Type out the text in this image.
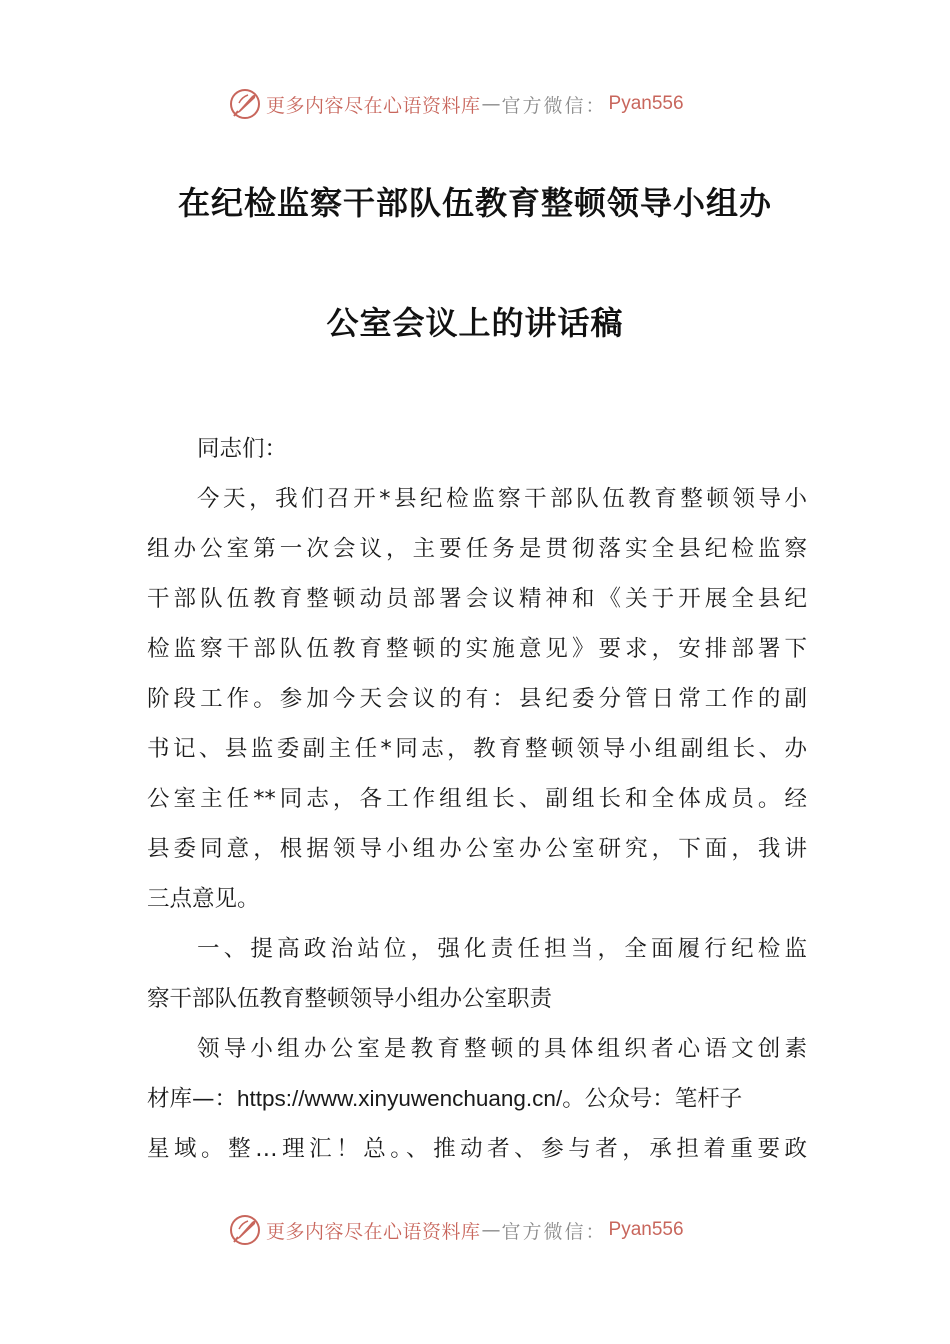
更多内容尽在心语资料库 — 官方微信： Pyan556
在纪检监察干部队伍教育整顿领导小组办
公室会议上的讲话稿
同志们：
今天，我们召开*县纪检监察干部队伍教育整顿领导小
组办公室第一次会议，主要任务是贯彻落实全县纪检监察
干部队伍教育整顿动员部署会议精神和《关于开展全县纪
检监察干部队伍教育整顿的实施意见》要求，安排部署下
阶段工作。参加今天会议的有：县纪委分管日常工作的副
书记、县监委副主任*同志，教育整顿领导小组副组长、办
公室主任**同志，各工作组组长、副组长和全体成员。经
县委同意，根据领导小组办公室办公室研究，下面，我讲
三点意见。
一、提高政治站位，强化责任担当，全面履行纪检监
察干部队伍教育整顿领导小组办公室职责
领导小组办公室是教育整顿的具体组织者心语文创素
材库—：https://www.xinyuwenchuang.cn/。公众号：笔杆子
星域。整…理汇！总。、推动者、参与者，承担着重要政
更多内容尽在心语资料库 — 官方微信： Pyan556
